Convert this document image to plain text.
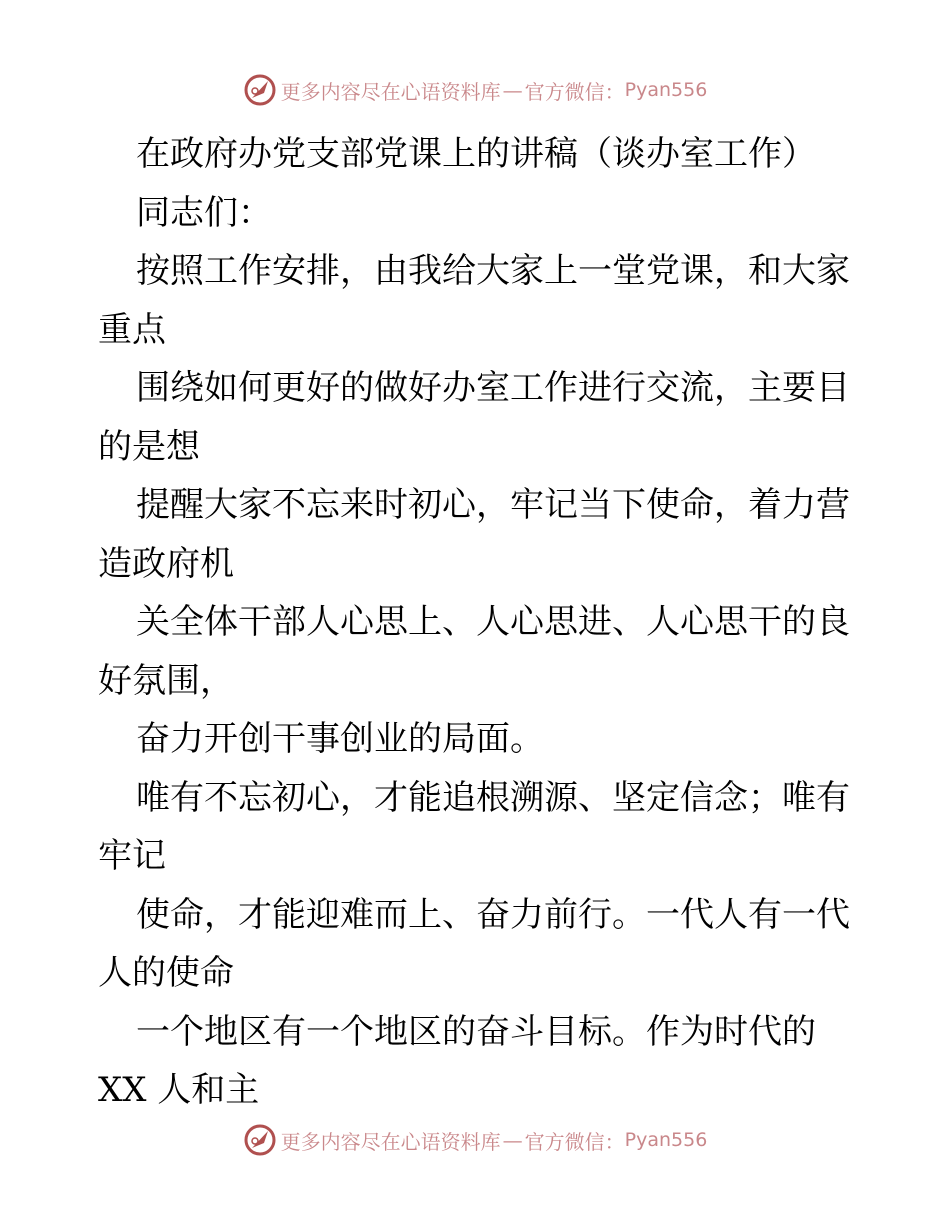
更多内容尽在心语资料库 — 官方微信： Pyan556
在政府办党支部党课上的讲稿（谈办室工作）
同志们：
按照工作安排，由我给大家上一堂党课，和大家
重点
围绕如何更好的做好办室工作进行交流，主要目
的是想
提醒大家不忘来时初心，牢记当下使命，着力营
造政府机
关全体干部人心思上、人心思进、人心思干的良
好氛围，
奋力开创干事创业的局面。
唯有不忘初心，才能追根溯源、坚定信念；唯有
牢记
使命，才能迎难而上、奋力前行。一代人有一代
人的使命
一个地区有一个地区的奋斗目标。作为时代的
XX 人和主
更多内容尽在心语资料库 — 官方微信： Pyan556
